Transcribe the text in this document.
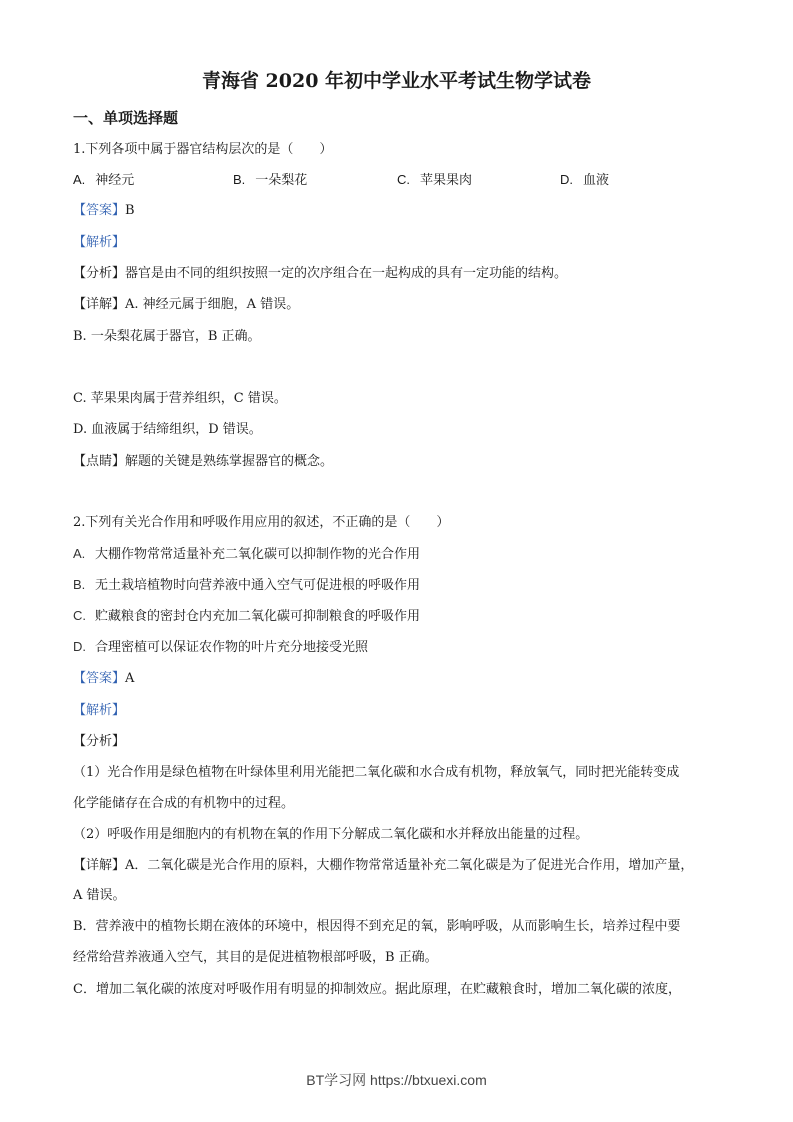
青海省 2020 年初中学业水平考试生物学试卷
一、单项选择题
1.下列各项中属于器官结构层次的是（　　）
A. 神经元	B. 一朵梨花	C. 苹果果肉	D. 血液
【答案】B
【解析】
【分析】器官是由不同的组织按照一定的次序组合在一起构成的具有一定功能的结构。
【详解】A. 神经元属于细胞，A 错误。
B. 一朵梨花属于器官，B 正确。
C. 苹果果肉属于营养组织，C 错误。
D. 血液属于结缔组织，D 错误。
【点睛】解题的关键是熟练掌握器官的概念。
2.下列有关光合作用和呼吸作用应用的叙述，不正确的是（　　）
A. 大棚作物常常适量补充二氧化碳可以抑制作物的光合作用
B. 无土栽培植物时向营养液中通入空气可促进根的呼吸作用
C. 贮藏粮食的密封仓内充加二氧化碳可抑制粮食的呼吸作用
D. 合理密植可以保证农作物的叶片充分地接受光照
【答案】A
【解析】
【分析】
（1）光合作用是绿色植物在叶绿体里利用光能把二氧化碳和水合成有机物，释放氧气，同时把光能转变成
化学能储存在合成的有机物中的过程。
（2）呼吸作用是细胞内的有机物在氧的作用下分解成二氧化碳和水并释放出能量的过程。
【详解】A．二氧化碳是光合作用的原料，大棚作物常常适量补充二氧化碳是为了促进光合作用，增加产量，
A 错误。
B．营养液中的植物长期在液体的环境中，根因得不到充足的氧，影响呼吸，从而影响生长，培养过程中要
经常给营养液通入空气，其目的是促进植物根部呼吸，B 正确。
C．增加二氧化碳的浓度对呼吸作用有明显的抑制效应。据此原理，在贮藏粮食时，增加二氧化碳的浓度，
BT学习网 https://btxuexi.com
